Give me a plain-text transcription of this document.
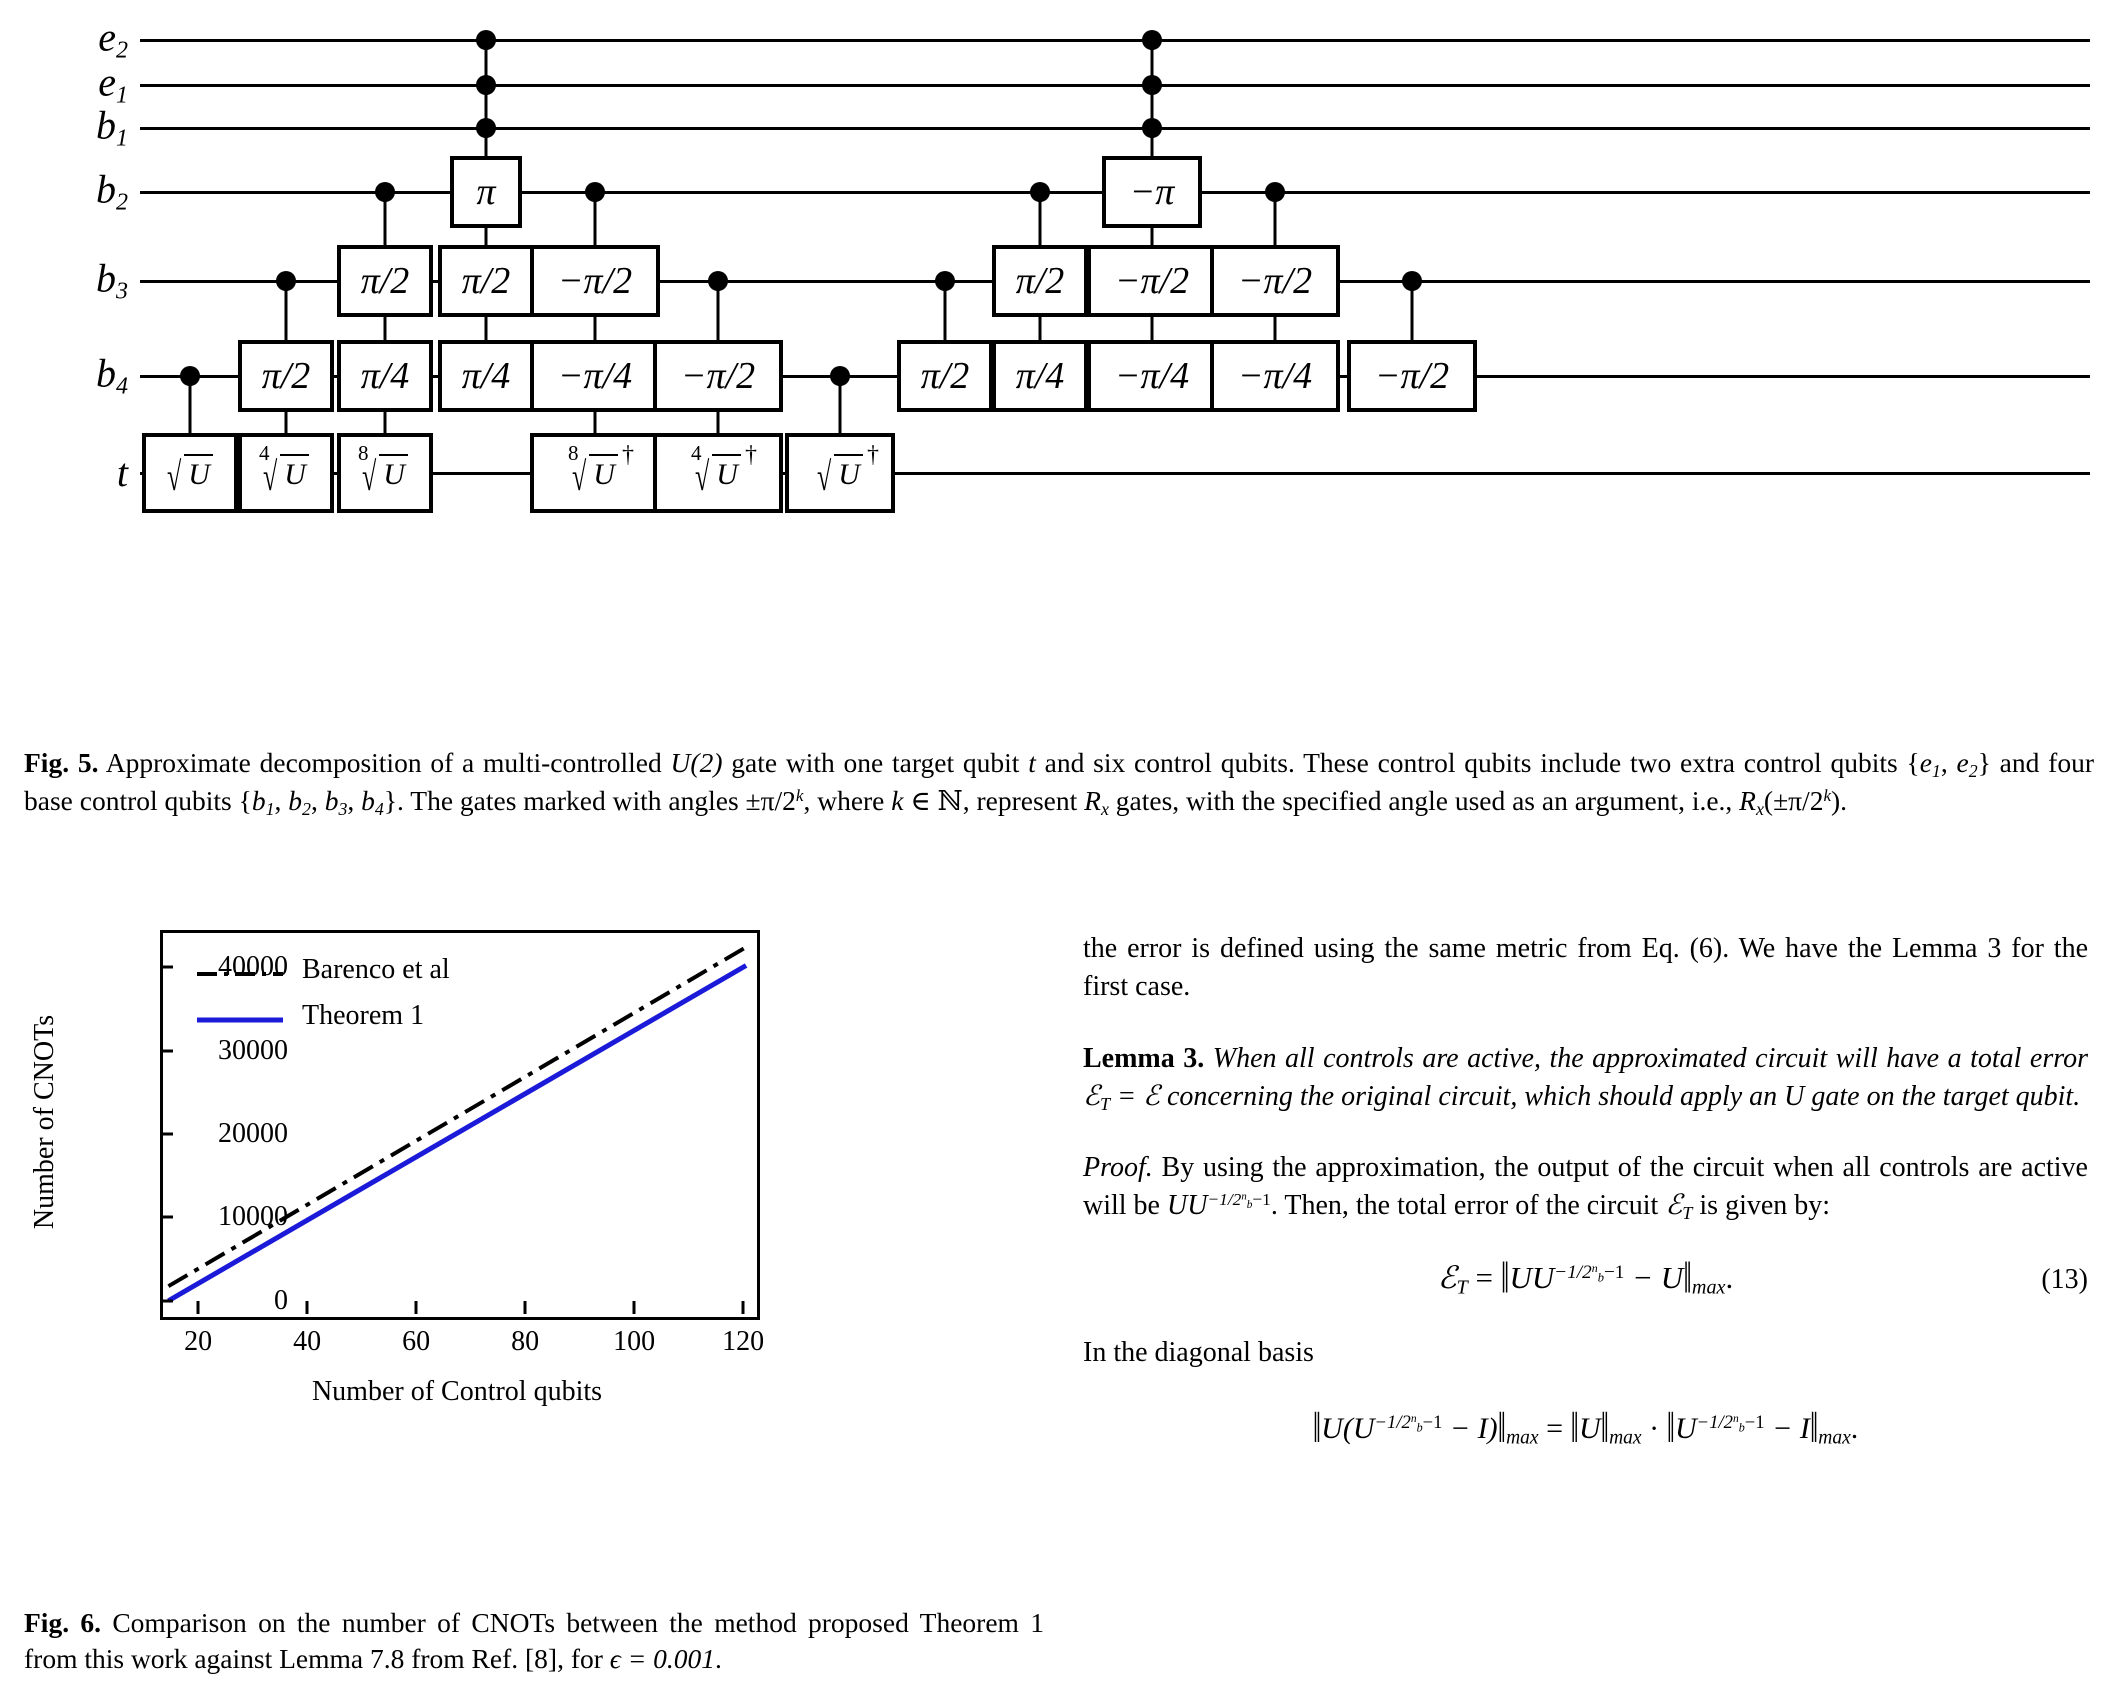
$e_2$
$e_1$
$b_1$
$b_2$
$b_3$
$b_4$
t √ U
π/2
4
√ U
π/2
π/4
8
√ U
π
π/2
π/4
−π/2
−π/4
8
√ U
†
−π/2
4
√ U
† √ U
†
π/2
π/2
π/4
−π
−π/2
−π/4
−π/2
−π/4	−π/2
Fig. 5. Approximate decomposition of a multi-controlled U(2) gate with one target qubit t and six control qubits. These control qubits include two extra control qubits {$e_1$, $e_2$} and four base control qubits {$b_1$, $b_2$, $b_3$, $b_4$}. The gates marked with angles $\pm\pi/2^k$, where k ∈ ℕ, represent $R_x$ gates, with the specified angle used as an argument, i.e., $R_x(\pm\pi/2^k)$.
0
10000
20000
30000
40000
20	40	60	80	100 120
Number of CNOTs
Number of Control qubits
Barenco et al
Theorem 1
Fig. 6. Comparison on the number of CNOTs between the method proposed Theorem 1 from this work against Lemma 7.8 from Ref. [8], for ϵ = 0.001.
the error is defined using the same metric from Eq. (6). We have the Lemma 3 for the first case.
Lemma 3. When all controls are active, the approximated circuit will have a total error ℰ$_T$ = ℰ concerning the original circuit, which should apply an U gate on the target qubit.
Proof. By using the approximation, the output of the circuit when all controls are active will be $UU^{-1/2^n_b-1}$. Then, the total error of the circuit ℰ$_T$ is given by:
ℰ$_T$ = $‖UU^{-1/2^n_b-1}$ − $U‖_{max}$.	(13)
In the diagonal basis
$‖U(U^{-1/2^n_b-1}$ − $I)‖_{max}$ = $‖U‖_{max}$ · $‖U^{-1/2^n_b-1}$ − $I‖_{max}$.
